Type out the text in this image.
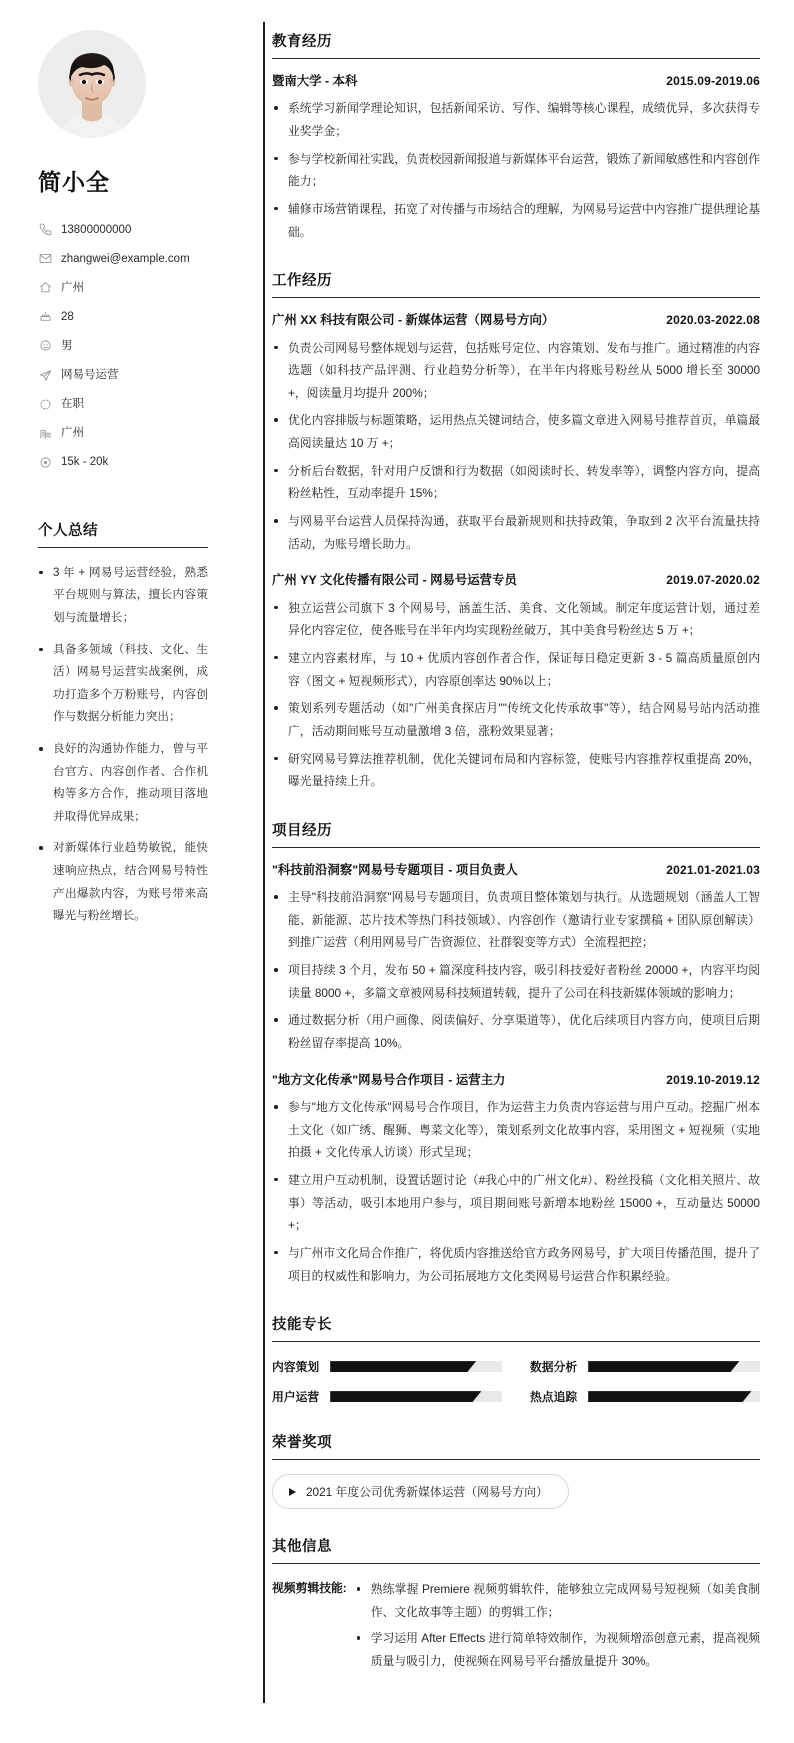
简小全
13800000000
zhangwei@example.com
广州
28
男
网易号运营
在职
广州
15k - 20k
个人总结
3 年 + 网易号运营经验，熟悉平台规则与算法，擅长内容策划与流量增长；
具备多领域（科技、文化、生活）网易号运营实战案例，成功打造多个万粉账号，内容创作与数据分析能力突出；
良好的沟通协作能力，曾与平台官方、内容创作者、合作机构等多方合作，推动项目落地并取得优异成果；
对新媒体行业趋势敏锐，能快速响应热点，结合网易号特性产出爆款内容，为账号带来高曝光与粉丝增长。
教育经历
暨南大学 - 本科	2015.09-2019.06
系统学习新闻学理论知识，包括新闻采访、写作、编辑等核心课程，成绩优异，多次获得专业奖学金；
参与学校新闻社实践，负责校园新闻报道与新媒体平台运营，锻炼了新闻敏感性和内容创作能力；
辅修市场营销课程，拓宽了对传播与市场结合的理解，为网易号运营中内容推广提供理论基础。
工作经历
广州 XX 科技有限公司 - 新媒体运营（网易号方向）	2020.03-2022.08
负责公司网易号整体规划与运营，包括账号定位、内容策划、发布与推广。通过精准的内容选题（如科技产品评测、行业趋势分析等），在半年内将账号粉丝从 5000 增长至 30000 +，阅读量月均提升 200%；
优化内容排版与标题策略，运用热点关键词结合，使多篇文章进入网易号推荐首页，单篇最高阅读量达 10 万 +；
分析后台数据，针对用户反馈和行为数据（如阅读时长、转发率等），调整内容方向，提高粉丝粘性，互动率提升 15%；
与网易平台运营人员保持沟通，获取平台最新规则和扶持政策，争取到 2 次平台流量扶持活动，为账号增长助力。
广州 YY 文化传播有限公司 - 网易号运营专员	2019.07-2020.02
独立运营公司旗下 3 个网易号，涵盖生活、美食、文化领域。制定年度运营计划，通过差异化内容定位，使各账号在半年内均实现粉丝破万，其中美食号粉丝达 5 万 +；
建立内容素材库，与 10 + 优质内容创作者合作，保证每日稳定更新 3 - 5 篇高质量原创内容（图文 + 短视频形式），内容原创率达 90%以上；
策划系列专题活动（如"广州美食探店月""传统文化传承故事"等），结合网易号站内活动推广，活动期间账号互动量激增 3 倍，涨粉效果显著；
研究网易号算法推荐机制，优化关键词布局和内容标签，使账号内容推荐权重提高 20%，曝光量持续上升。
项目经历
"科技前沿洞察"网易号专题项目 - 项目负责人	2021.01-2021.03
主导"科技前沿洞察"网易号专题项目，负责项目整体策划与执行。从选题规划（涵盖人工智能、新能源、芯片技术等热门科技领域）、内容创作（邀请行业专家撰稿 + 团队原创解读）到推广运营（利用网易号广告资源位、社群裂变等方式）全流程把控；
项目持续 3 个月，发布 50 + 篇深度科技内容，吸引科技爱好者粉丝 20000 +，内容平均阅读量 8000 +，多篇文章被网易科技频道转载，提升了公司在科技新媒体领域的影响力；
通过数据分析（用户画像、阅读偏好、分享渠道等），优化后续项目内容方向，使项目后期粉丝留存率提高 10%。
"地方文化传承"网易号合作项目 - 运营主力	2019.10-2019.12
参与"地方文化传承"网易号合作项目，作为运营主力负责内容运营与用户互动。挖掘广州本土文化（如广绣、醒狮、粤菜文化等），策划系列文化故事内容，采用图文 + 短视频（实地拍摄 + 文化传承人访谈）形式呈现；
建立用户互动机制，设置话题讨论（#我心中的广州文化#）、粉丝投稿（文化相关照片、故事）等活动，吸引本地用户参与，项目期间账号新增本地粉丝 15000 +，互动量达 50000 +；
与广州市文化局合作推广，将优质内容推送给官方政务网易号，扩大项目传播范围，提升了项目的权威性和影响力，为公司拓展地方文化类网易号运营合作积累经验。
技能专长
内容策划	数据分析
用户运营	热点追踪
荣誉奖项
2021 年度公司优秀新媒体运营（网易号方向）
其他信息
视频剪辑技能:	熟练掌握 Premiere 视频剪辑软件，能够独立完成网易号短视频（如美食制作、文化故事等主题）的剪辑工作；
学习运用 After Effects 进行简单特效制作，为视频增添创意元素，提高视频质量与吸引力，使视频在网易号平台播放量提升 30%。
